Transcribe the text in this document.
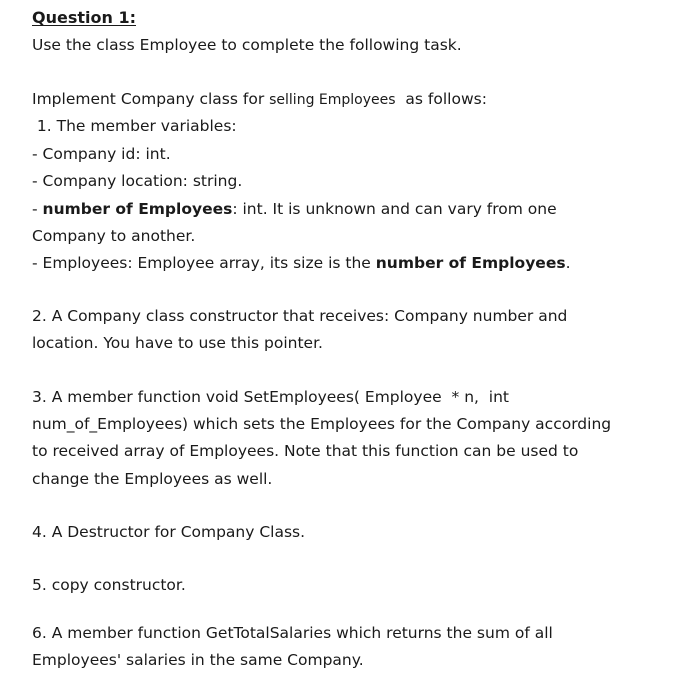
Question 1:
Use the class Employee to complete the following task.
Implement Company class for selling Employees  as follows:
1. The member variables:
- Company id: int.
- Company location: string.
- number of Employees: int. It is unknown and can vary from one
Company to another.
- Employees: Employee array, its size is the number of Employees.
2. A Company class constructor that receives: Company number and
location. You have to use this pointer.
3. A member function void SetEmployees( Employee  * n,  int
num_of_Employees) which sets the Employees for the Company according
to received array of Employees. Note that this function can be used to
change the Employees as well.
4. A Destructor for Company Class.
5. copy constructor.
6. A member function GetTotalSalaries which returns the sum of all
Employees' salaries in the same Company.
